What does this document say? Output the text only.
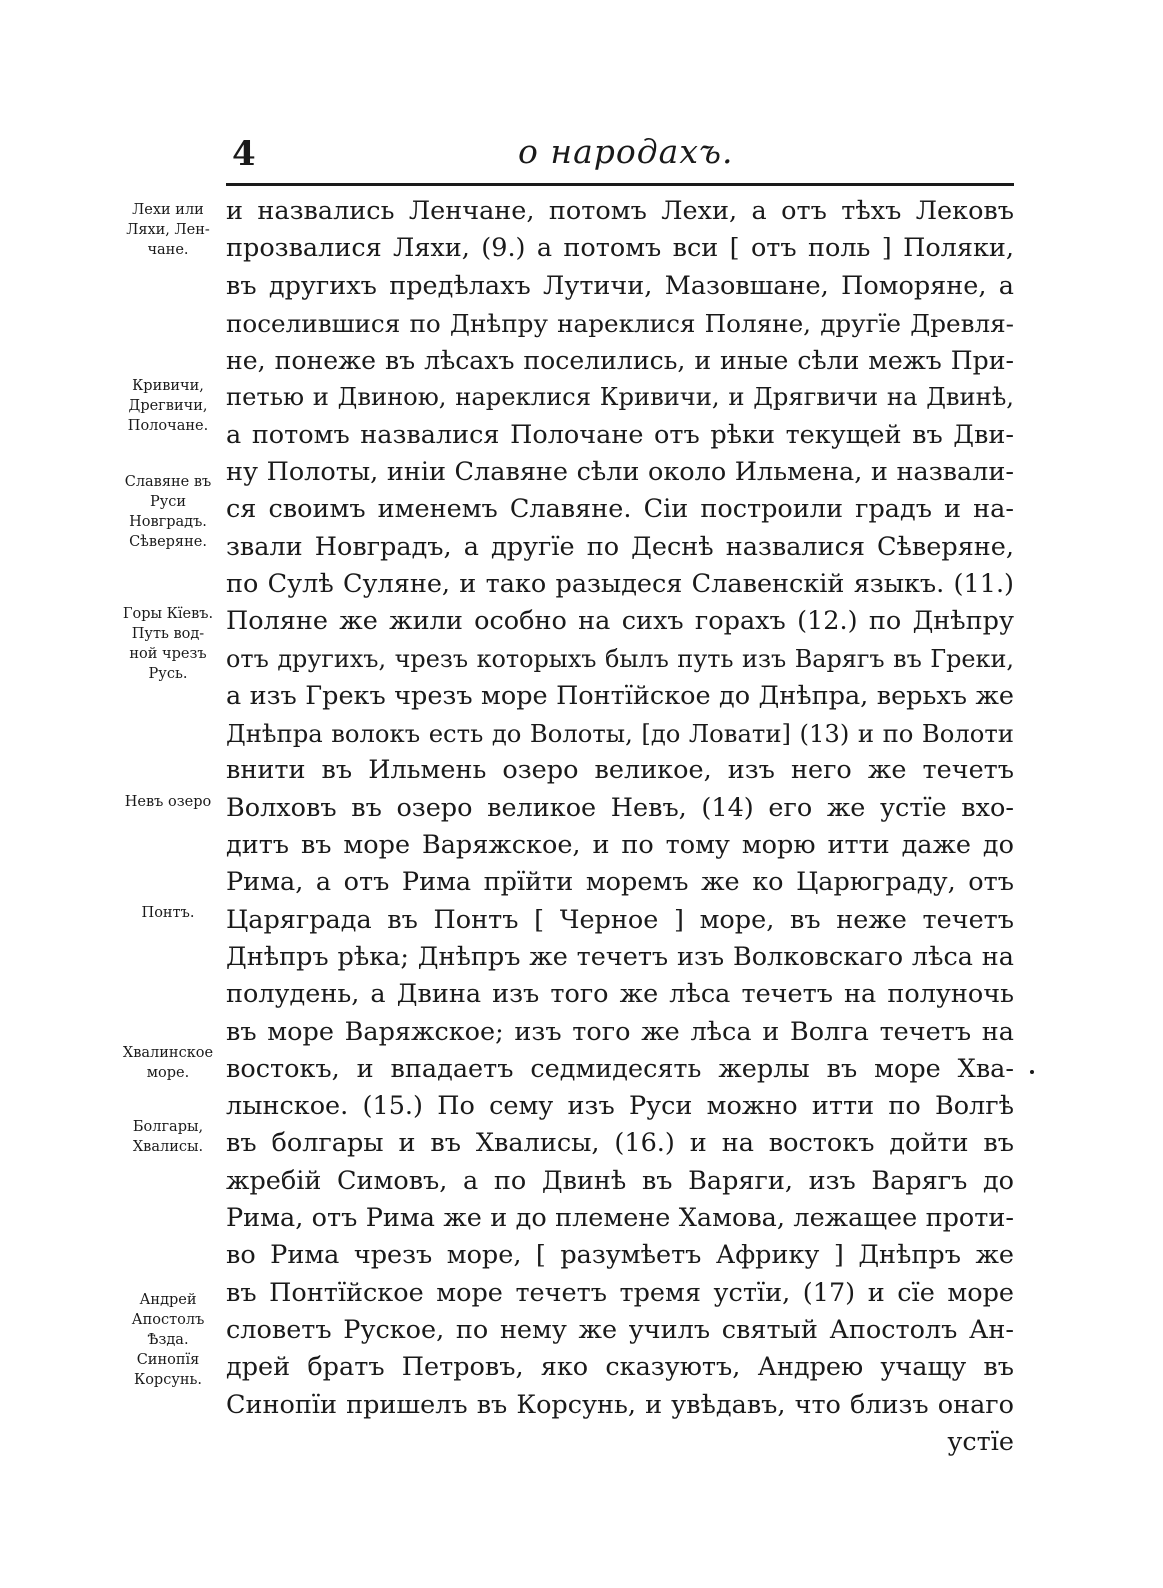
4	о народахъ.
Лехи или
Ляхи, Лен-
чане.
Кривичи,
Дрегвичи,
Полочане.
Славяне въ
Руси
Новградъ.
Сѣверяне.
Горы Кїевъ.
Путь вод-
ной чрезъ
Русь.
Невъ озеро
Понтъ.
Хвалинское
море.
Болгары,
Хвалисы.
Андрей
Апостолъ
Ѣзда.
Синопїя
Корсунь.
и назвались Ленчане, потомъ Лехи, а отъ тѣхъ Лековъ
прозвалися Ляхи, (9.) а потомъ вси [ отъ поль ] Поляки,
въ другихъ предѣлахъ Лутичи, Мазовшане, Поморяне, а
поселившися по Днѣпру нареклися Поляне, другїе Древля-
не, понеже въ лѣсахъ поселились, и иные сѣли межъ При-
петью и Двиною, нареклися Кривичи, и Дрягвичи на Двинѣ,
а потомъ назвалися Полочане отъ рѣки текущей въ Дви-
ну Полоты, иніи Славяне сѣли около Ильмена, и назвали-
ся своимъ именемъ Славяне. Сіи построили градъ и на-
звали Новградъ, а другїе по Деснѣ назвалися Сѣверяне,
по Сулѣ Суляне, и тако разыдеся Славенскій языкъ. (11.)
Поляне же жили особно на сихъ горахъ (12.) по Днѣпру
отъ другихъ, чрезъ которыхъ былъ путь изъ Варягъ въ Греки,
а изъ Грекъ чрезъ море Понтїйское до Днѣпра, верьхъ же
Днѣпра волокъ есть до Волоты, [до Ловати] (13) и по Волоти
внити въ Ильмень озеро великое, изъ него же течетъ
Волховъ въ озеро великое Невъ, (14) его же устїе вхо-
дитъ въ море Варяжское, и по тому морю итти даже до
Рима, а отъ Рима прїйти моремъ же ко Царюграду, отъ
Царяграда въ Понтъ [ Черное ] море, въ неже течетъ
Днѣпръ рѣка; Днѣпръ же течетъ изъ Волковскаго лѣса на
полудень, а Двина изъ того же лѣса течетъ на полуночь
въ море Варяжское; изъ того же лѣса и Волга течетъ на
востокъ, и впадаетъ седмидесять жерлы въ море Хва-
лынское. (15.) По сему изъ Руси можно итти по Волгѣ
въ болгары и въ Хвалисы, (16.) и на востокъ дойти въ
жребій Симовъ, а по Двинѣ въ Варяги, изъ Варягъ до
Рима, отъ Рима же и до племене Хамова, лежащее проти-
во Рима чрезъ море, [ разумѣетъ Африку ] Днѣпръ же
въ Понтїйское море течетъ тремя устїи, (17) и сїе море
словетъ Руское, по нему же училъ святый Апостолъ Ан-
дрей братъ Петровъ, яко сказуютъ, Андрею учащу въ
Синопїи пришелъ въ Корсунь, и увѣдавъ, что близъ онаго
устїе
